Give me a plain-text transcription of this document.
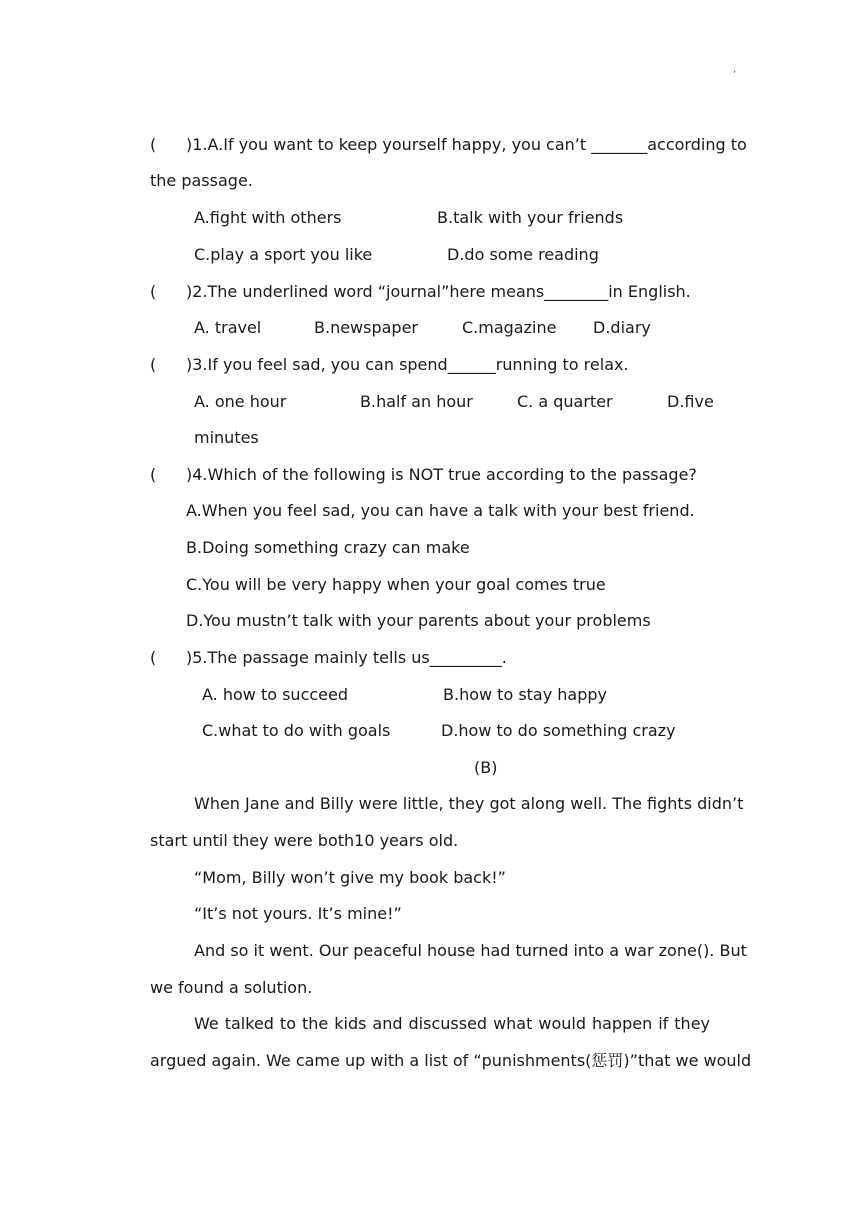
,
( )1.A.If you want to keep yourself happy, you can’t _______according to
the passage.
A.fight with others	B.talk with your friends
C.play a sport you like	D.do some reading
( )2.The underlined word “journal”here means________in English.
A. travel	B.newspaper	C.magazine D.diary
( )3.If you feel sad, you can spend______running to relax.
A. one hour	B.half an hour	C. a quarter	D.five
minutes
( )4.Which of the following is NOT true according to the passage?
A.When you feel sad, you can have a talk with your best friend.
B.Doing something crazy can make
C.You will be very happy when your goal comes true
D.You mustn’t talk with your parents about your problems
( )5.The passage mainly tells us_________.
A. how to succeed	B.how to stay happy
C.what to do with goals	D.how to do something crazy
(B)
When Jane and Billy were little, they got along well. The fights didn’t
start until they were both10 years old.
“Mom, Billy won’t give my book back!”
“It’s not yours. It’s mine!”
And so it went. Our peaceful house had turned into a war zone(). But
we found a solution.
We talked to the kids and discussed what would happen if they
argued again. We came up with a list of “punishments(惩罚)”that we would
